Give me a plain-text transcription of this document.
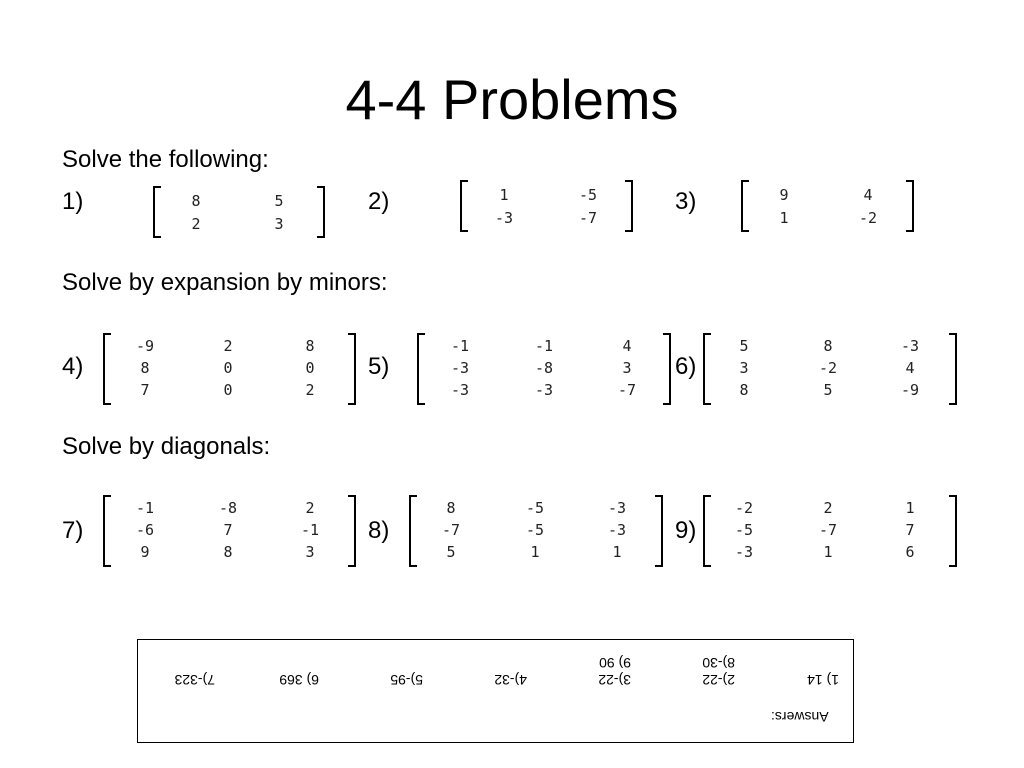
4-4 Problems
Solve the following:
Solve by expansion by minors:
Solve by diagonals:
1)	2)	3)
4)	5)	6)
7)	8)	9)
8	5
2	3
1	-5
-3	-7
9	4
1	-2
-9	2	8
8	0	0
7	0	2
-1	-1	4
-3	-8	3
-3	-3	-7
5	8	-3
3	-2	4
8	5	-9
-1	-8	2
-6	7	-1
9	8	3
8	-5	-3
-7	-5	-3
5	1	1
-2	2	1
-5	-7	7
-3	1	6
Answers:
1) 14
2)-22
3)-22
4)-32
5)-95
6) 369
7)-323
8)-30
9) 90
